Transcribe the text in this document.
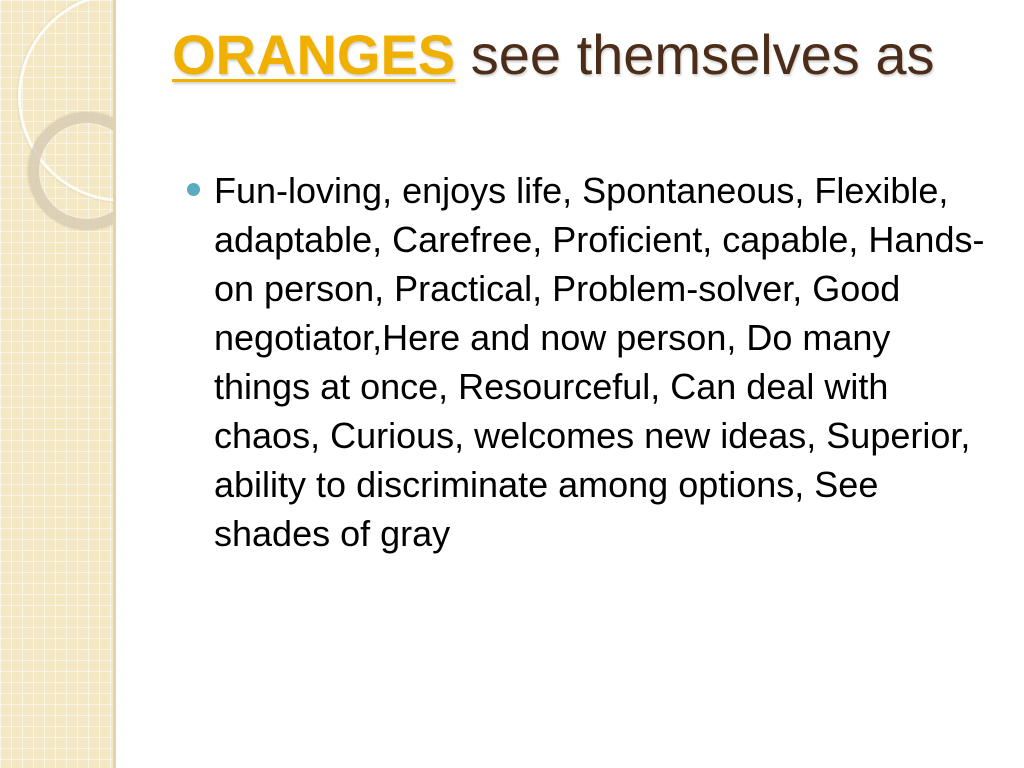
ORANGES see themselves as
Fun-loving, enjoys life, Spontaneous, Flexible, adaptable, Carefree, Proficient, capable, Hands-on person, Practical, Problem-solver, Good negotiator,Here and now person, Do many things at once, Resourceful, Can deal with chaos, Curious, welcomes new ideas, Superior, ability to discriminate among options, See shades of gray
